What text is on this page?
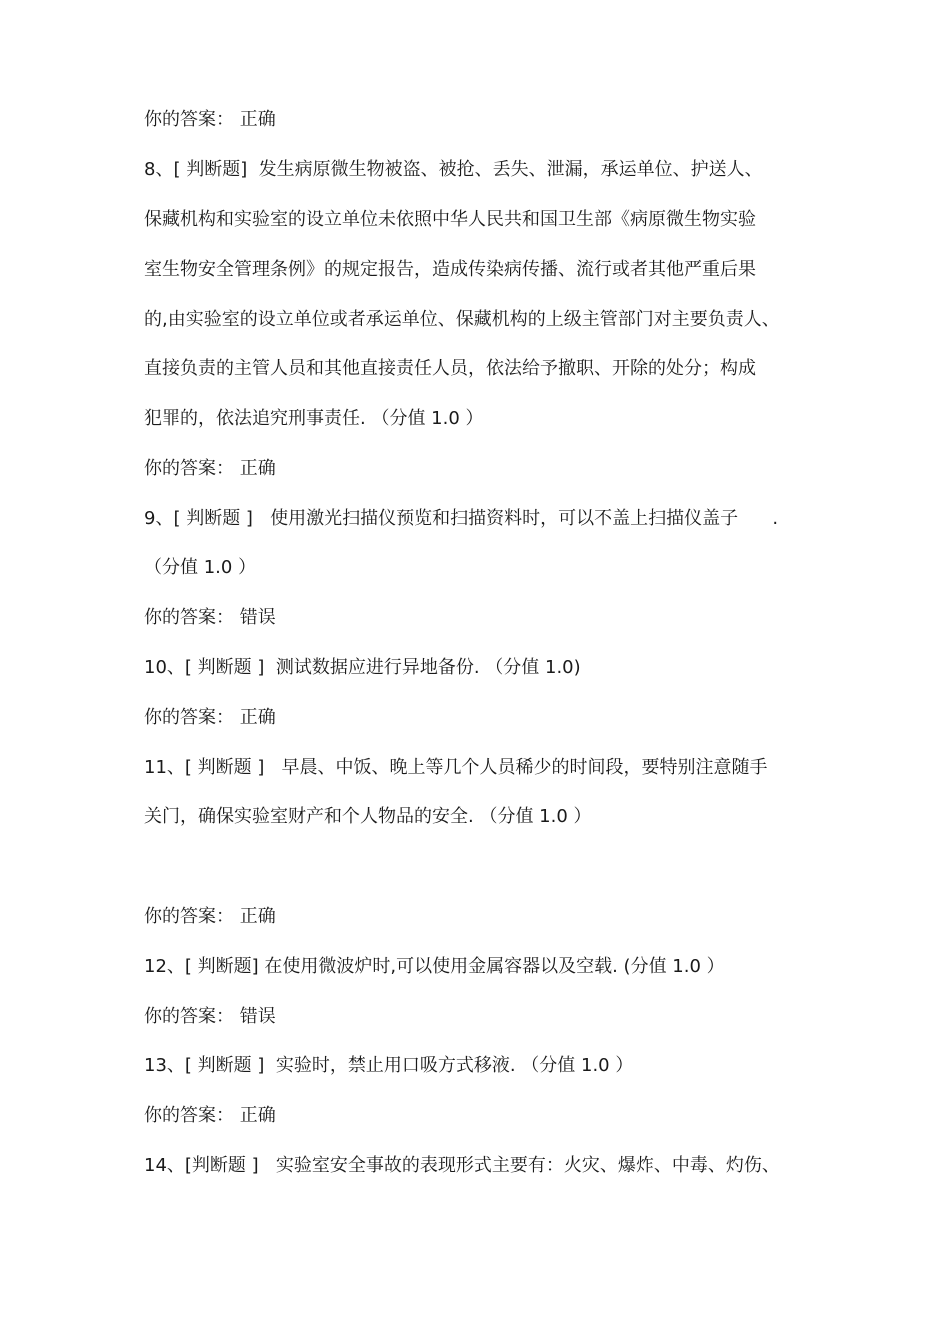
你的答案： 正确
8、[ 判断题]  发生病原微生物被盗、被抢、丢失、泄漏，承运单位、护送人、
保藏机构和实验室的设立单位未依照中华人民共和国卫生部《病原微生物实验
室生物安全管理条例》的规定报告，造成传染病传播、流行或者其他严重后果
的,由实验室的设立单位或者承运单位、保藏机构的上级主管部门对主要负责人、
直接负责的主管人员和其他直接责任人员，依法给予撤职、开除的处分；构成
犯罪的，依法追究刑事责任. （分值 1.0 ）
你的答案： 正确
9、[ 判断题 ]   使用激光扫描仪预览和扫描资料时，可以不盖上扫描仪盖子      .
（分值 1.0 ）
你的答案： 错误
10、[ 判断题 ]  测试数据应进行异地备份. （分值 1.0)
你的答案： 正确
11、[ 判断题 ]   早晨、中饭、晚上等几个人员稀少的时间段，要特别注意随手
关门，确保实验室财产和个人物品的安全. （分值 1.0 ）
你的答案： 正确
12、[ 判断题] 在使用微波炉时,可以使用金属容器以及空载. (分值 1.0 ）
你的答案： 错误
13、[ 判断题 ]  实验时，禁止用口吸方式移液. （分值 1.0 ）
你的答案： 正确
14、[判断题 ]   实验室安全事故的表现形式主要有：火灾、爆炸、中毒、灼伤、
